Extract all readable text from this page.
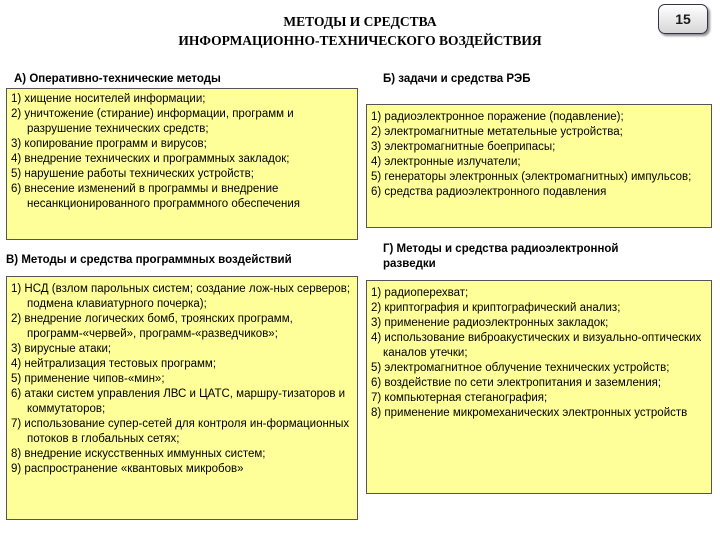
МЕТОДЫ И СРЕДСТВА
ИНФОРМАЦИОННО-ТЕХНИЧЕСКОГО ВОЗДЕЙСТВИЯ
15
А) Оперативно-технические методы
1) хищение носителей информации;
2) уничтожение (стирание) информации, программ и разрушение технических средств;
3) копирование программ и вирусов;
4) внедрение технических и программных закладок;
5) нарушение работы технических устройств;
6) внесение изменений в программы и внедрение несанкционированного программного обеспечения
Б) задачи и средства РЭБ
1) радиоэлектронное поражение (подавление);
2) электромагнитные метательные устройства;
3) электромагнитные боеприпасы;
4) электронные излучатели;
5) генераторы электронных (электромагнитных) импульсов;
6) средства радиоэлектронного подавления
В) Методы и средства программных воздействий
1) НСД (взлом парольных систем; создание лож-ных серверов; подмена клавиатурного почерка);
2) внедрение логических бомб, троянских программ, программ-«червей», программ-«разведчиков»;
3) вирусные атаки;
4) нейтрализация тестовых программ;
5) применение чипов-«мин»;
6) атаки систем управления ЛВС и ЦАТС, маршру-тизаторов и коммутаторов;
7) использование супер-сетей для контроля ин-формационных потоков в глобальных сетях;
8) внедрение искусственных иммунных систем;
9) распространение «квантовых микробов»
Г) Методы и средства радиоэлектронной
разведки
1) радиоперехват;
2) криптография и криптографический анализ;
3) применение радиоэлектронных закладок;
4) использование виброакустических и визуально-оптических каналов утечки;
5) электромагнитное облучение технических устройств;
6) воздействие по сети электропитания и заземления;
7) компьютерная стеганография;
8) применение микромеханических электронных устройств
